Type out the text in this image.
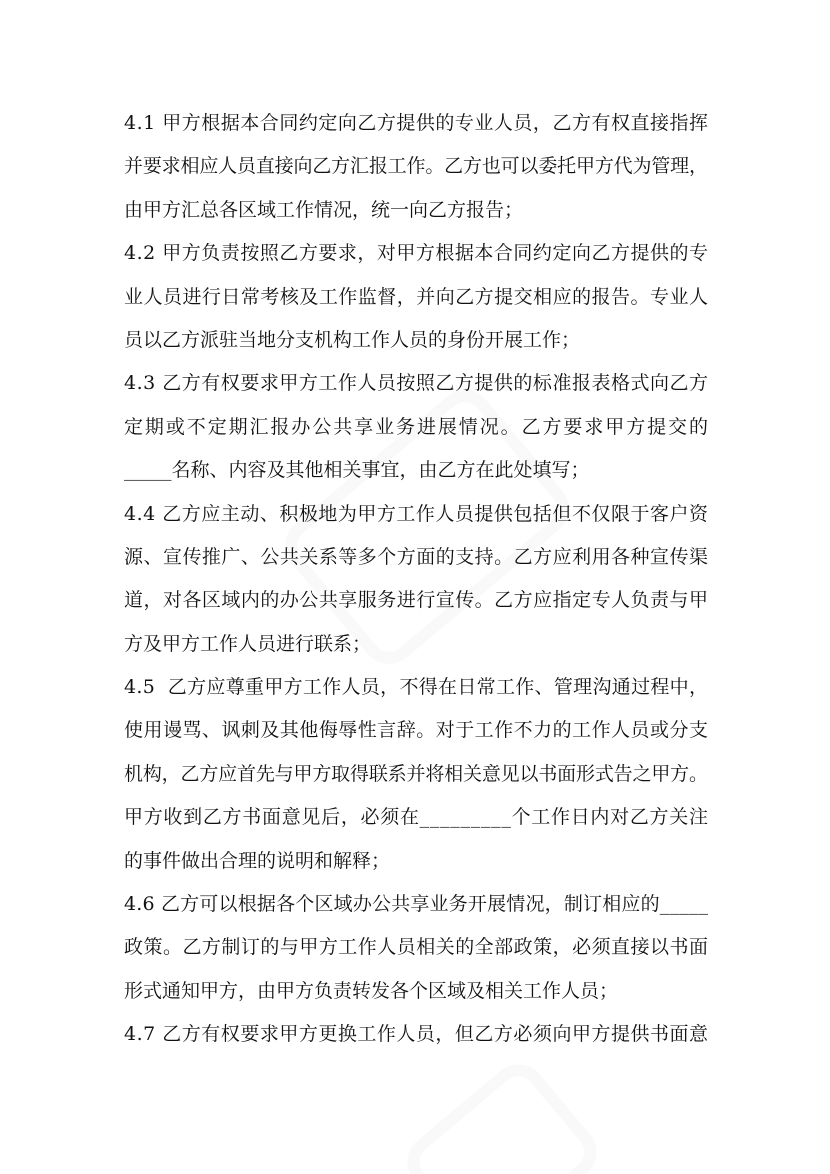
4.1 甲方根据本合同约定向乙方提供的专业人员，乙方有权直接指挥
并要求相应人员直接向乙方汇报工作。乙方也可以委托甲方代为管理，
由甲方汇总各区域工作情况，统一向乙方报告；
4.2 甲方负责按照乙方要求，对甲方根据本合同约定向乙方提供的专
业人员进行日常考核及工作监督，并向乙方提交相应的报告。专业人
员以乙方派驻当地分支机构工作人员的身份开展工作；
4.3 乙方有权要求甲方工作人员按照乙方提供的标准报表格式向乙方
定期或不定期汇报办公共享业务进展情况。乙方要求甲方提交的
_____名称、内容及其他相关事宜，由乙方在此处填写；
4.4 乙方应主动、积极地为甲方工作人员提供包括但不仅限于客户资
源、宣传推广、公共关系等多个方面的支持。乙方应利用各种宣传渠
道，对各区域内的办公共享服务进行宣传。乙方应指定专人负责与甲
方及甲方工作人员进行联系；
4.5  乙方应尊重甲方工作人员，不得在日常工作、管理沟通过程中，
使用谩骂、讽刺及其他侮辱性言辞。对于工作不力的工作人员或分支
机构，乙方应首先与甲方取得联系并将相关意见以书面形式告之甲方。
甲方收到乙方书面意见后，必须在_________个工作日内对乙方关注
的事件做出合理的说明和解释；
4.6 乙方可以根据各个区域办公共享业务开展情况，制订相应的_____
政策。乙方制订的与甲方工作人员相关的全部政策，必须直接以书面
形式通知甲方，由甲方负责转发各个区域及相关工作人员；
4.7 乙方有权要求甲方更换工作人员，但乙方必须向甲方提供书面意
